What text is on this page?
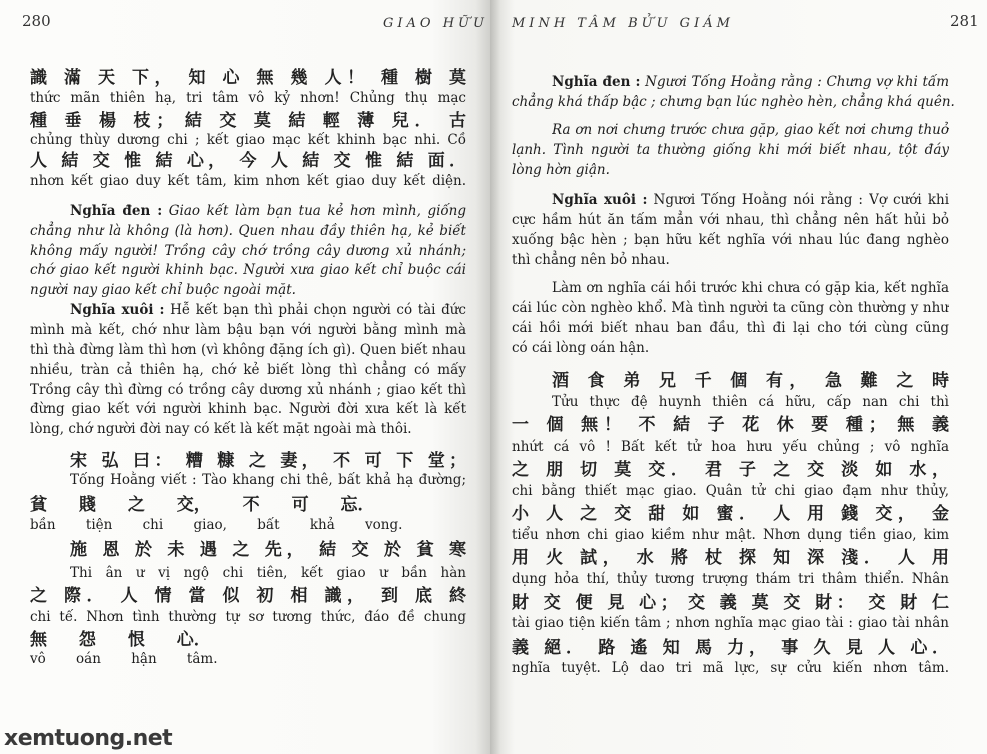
280	GIAO HỮU
識 滿 天 下， 知 心 無 幾 人！ 種 樹 莫
thức mãn thiên hạ, tri tâm vô kỷ nhơn! Chủng thụ mạc
種 垂 楊 枝； 結 交 莫 結 輕 薄 兒． 古
chủng thùy dương chi ; kết giao mạc kết khinh bạc nhi. Cồ
人 結 交 惟 結 心， 今 人 結 交 惟 結 面．
nhơn kết giao duy kết tâm, kim nhơn kết giao duy kết diện.
Nghĩa đen : Giao kết làm bạn tua kẻ hơn mình, giống
chẳng như là không (là hơn). Quen nhau đầy thiên hạ, kẻ biết
không mấy người! Trồng cây chớ trồng cây dương xủ nhánh;
chớ giao kết người khinh bạc. Người xưa giao kết chỉ buộc cái
người nay giao kết chỉ buộc ngoài mặt.
Nghĩa xuôi : Hễ kết bạn thì phải chọn người có tài đức
mình mà kết, chớ như làm bậu bạn với người bằng mình mà
thì thà đừng làm thì hơn (vì không đặng ích gì). Quen biết nhau
nhiều, tràn cả thiên hạ, chớ kẻ biết lòng thì chẳng có mấy
Trồng cây thì đừng có trồng cây dương xủ nhánh ; giao kết thì
đừng giao kết với người khinh bạc. Người đời xưa kết là kết
lòng, chớ người đời nay có kết là kết mặt ngoài mà thôi.
宋 弘 曰： 糟 糠 之 妻， 不 可 下 堂；
Tống Hoằng viết : Tào khang chi thê, bất khả hạ đường;
貧 賤 之 交， 不 可 忘．
bần tiện chi giao, bất khả vong.
施 恩 於 未 遇 之 先， 結 交 於 貧 寒
Thi ân ư vị ngộ chi tiên, kết giao ư bần hàn
之 際． 人 情 當 似 初 相 識， 到 底 終
chi tế. Nhơn tình thường tự sơ tương thức, đáo đề chung
無 怨 恨 心．
vô oán hận tâm.
MINH TÂM BỬU GIÁM	281
Nghĩa đen : Ngươi Tống Hoằng rằng : Chưng vợ khi tấm
chẳng khá thấp bậc ; chưng bạn lúc nghèo hèn, chẳng khá quên.
Ra ơn nơi chưng trước chưa gặp, giao kết nơi chưng thuở
lạnh. Tình người ta thường giống khi mới biết nhau, tột đáy
lòng hờn giận.
Nghĩa xuôi : Ngươi Tống Hoằng nói rằng : Vợ cưới khi
cực hầm hút ăn tấm mẳn với nhau, thì chẳng nên hất hủi bỏ
xuống bậc hèn ; bạn hữu kết nghĩa với nhau lúc đang nghèo
thì chẳng nên bỏ nhau.
Làm ơn nghĩa cái hồi trước khi chưa có gặp kia, kết nghĩa
cái lúc còn nghèo khổ. Mà tình người ta cũng còn thường y như
cái hồi mới biết nhau ban đầu, thì đi lại cho tới cùng cũng
có cái lòng oán hận.
酒 食 弟 兄 千 個 有， 急 難 之 時
Tửu thực đệ huynh thiên cá hữu, cấp nan chi thì
一 個 無！ 不 結 子 花 休 要 種； 無 義
nhứt cá vô ! Bất kết tử hoa hưu yếu chủng ; vô nghĩa
之 朋 切 莫 交． 君 子 之 交 淡 如 水，
chi bằng thiết mạc giao. Quân tử chi giao đạm như thủy,
小 人 之 交 甜 如 蜜． 人 用 錢 交， 金
tiểu nhơn chi giao kiềm như mật. Nhơn dụng tiền giao, kim
用 火 試， 水 將 杖 探 知 深 淺． 人 用
dụng hỏa thí, thủy tương trượng thám tri thâm thiển. Nhân
財 交 便 見 心； 交 義 莫 交 財： 交 財 仁
tài giao tiện kiến tâm ; nhơn nghĩa mạc giao tài : giao tài nhân
義 絕． 路 遙 知 馬 力， 事 久 見 人 心．
nghĩa tuyệt. Lộ dao tri mã lực, sự cửu kiến nhơn tâm.
xemtuong.net
